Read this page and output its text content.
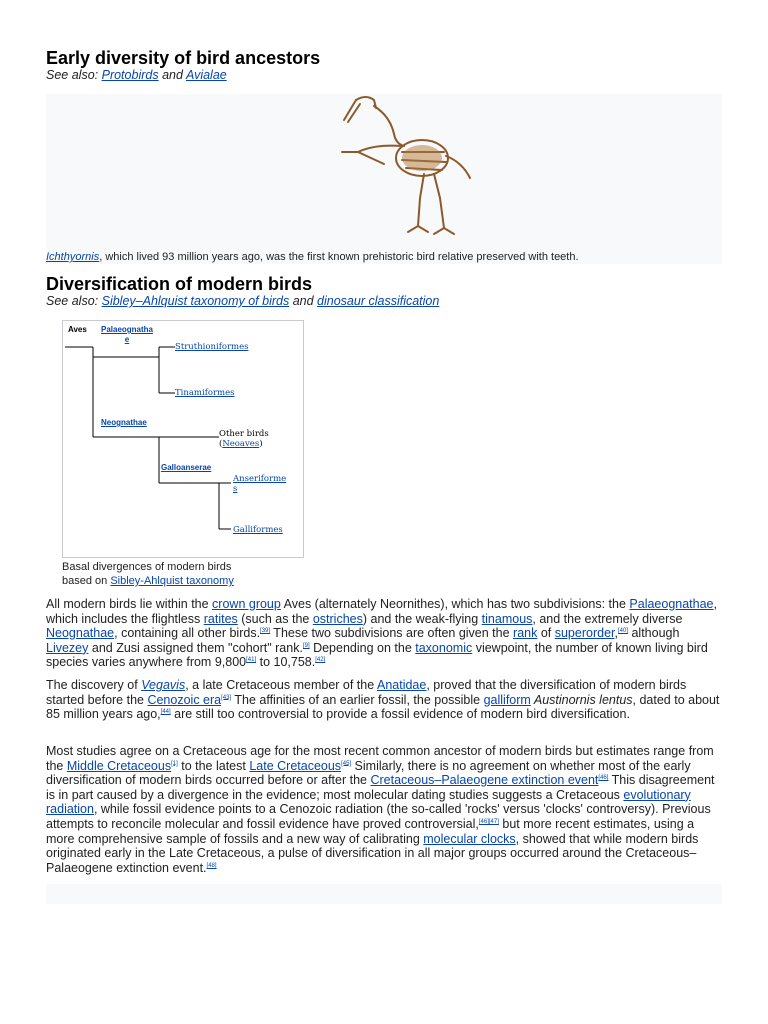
Early diversity of bird ancestors
See also: Protobirds and Avialae
Ichthyornis, which lived 93 million years ago, was the first known prehistoric bird relative preserved with teeth.
Diversification of modern birds
See also: Sibley–Ahlquist taxonomy of birds and dinosaur classification
Aves	Palaeognatha
e
Struthioniformes
Tinamiformes
Neognathae
Other birds
(Neoaves)
Galloanserae
Anseriforme
s
Galliformes
Basal divergences of modern birds
based on Sibley-Ahlquist taxonomy

All modern birds lie within the crown group Aves (alternately Neornithes), which has two subdivisions: the Palaeognathae, which includes the flightless ratites (such as the ostriches) and the weak-flying tinamous, and the extremely diverse Neognathae, containing all other birds.[39] These two subdivisions are often given the rank of superorder,[40] although Livezey and Zusi assigned them "cohort" rank.[9] Depending on the taxonomic viewpoint, the number of known living bird species varies anywhere from 9,800[41] to 10,758.[42]

The discovery of Vegavis, a late Cretaceous member of the Anatidae, proved that the diversification of modern birds started before the Cenozoic era[43] The affinities of an earlier fossil, the possible galliform Austinornis lentus, dated to about 85 million years ago,[44] are still too controversial to provide a fossil evidence of modern bird diversification.

Most studies agree on a Cretaceous age for the most recent common ancestor of modern birds but estimates range from the Middle Cretaceous[1] to the latest Late Cretaceous[45] Similarly, there is no agreement on whether most of the early diversification of modern birds occurred before or after the Cretaceous–Palaeogene extinction event[46] This disagreement is in part caused by a divergence in the evidence; most molecular dating studies suggests a Cretaceous evolutionary radiation, while fossil evidence points to a Cenozoic radiation (the so-called 'rocks' versus 'clocks' controversy). Previous attempts to reconcile molecular and fossil evidence have proved controversial,[46][47] but more recent estimates, using a more comprehensive sample of fossils and a new way of calibrating molecular clocks, showed that while modern birds originated early in the Late Cretaceous, a pulse of diversification in all major groups occurred around the Cretaceous–Palaeogene extinction event.[48]
